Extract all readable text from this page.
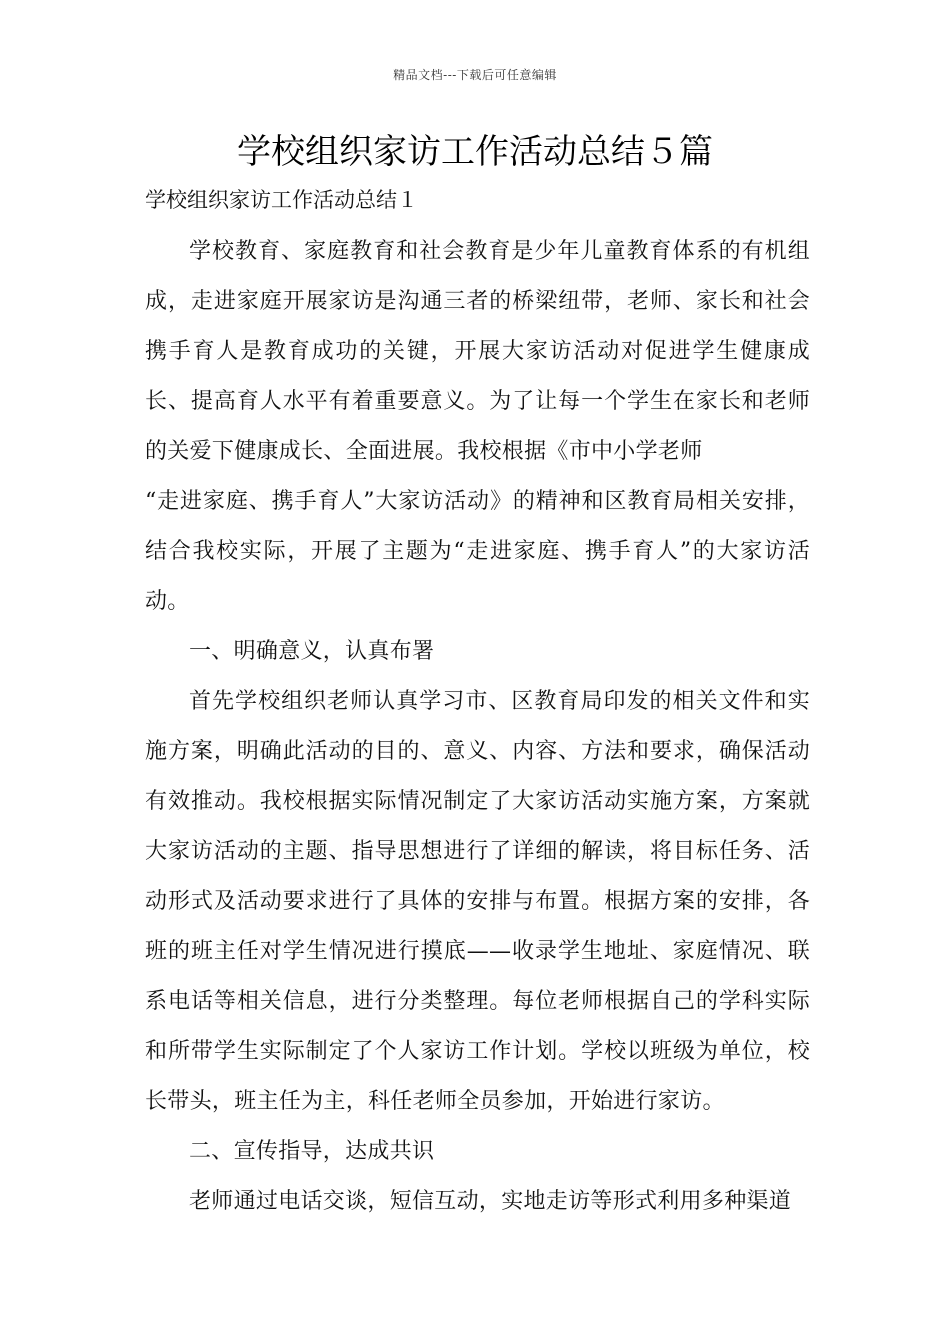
精品文档---下载后可任意编辑
学校组织家访工作活动总结５篇

学校组织家访工作活动总结１

学校教育、家庭教育和社会教育是少年儿童教育体系的有机组成，走进家庭开展家访是沟通三者的桥梁纽带，老师、家长和社会携手育人是教育成功的关键，开展大家访活动对促进学生健康成长、提高育人水平有着重要意义。为了让每一个学生在家长和老师的关爱下健康成长、全面进展。我校根据《市中小学老师

“走进家庭、携手育人”大家访活动》的精神和区教育局相关安排，结合我校实际，开展了主题为“走进家庭、携手育人”的大家访活动。

一、明确意义，认真布署

首先学校组织老师认真学习市、区教育局印发的相关文件和实施方案，明确此活动的目的、意义、内容、方法和要求，确保活动有效推动。我校根据实际情况制定了大家访活动实施方案，方案就大家访活动的主题、指导思想进行了详细的解读，将目标任务、活动形式及活动要求进行了具体的安排与布置。根据方案的安排，各班的班主任对学生情况进行摸底——收录学生地址、家庭情况、联系电话等相关信息，进行分类整理。每位老师根据自己的学科实际和所带学生实际制定了个人家访工作计划。学校以班级为单位，校长带头，班主任为主，科任老师全员参加，开始进行家访。

二、宣传指导，达成共识

老师通过电话交谈，短信互动，实地走访等形式利用多种渠道
